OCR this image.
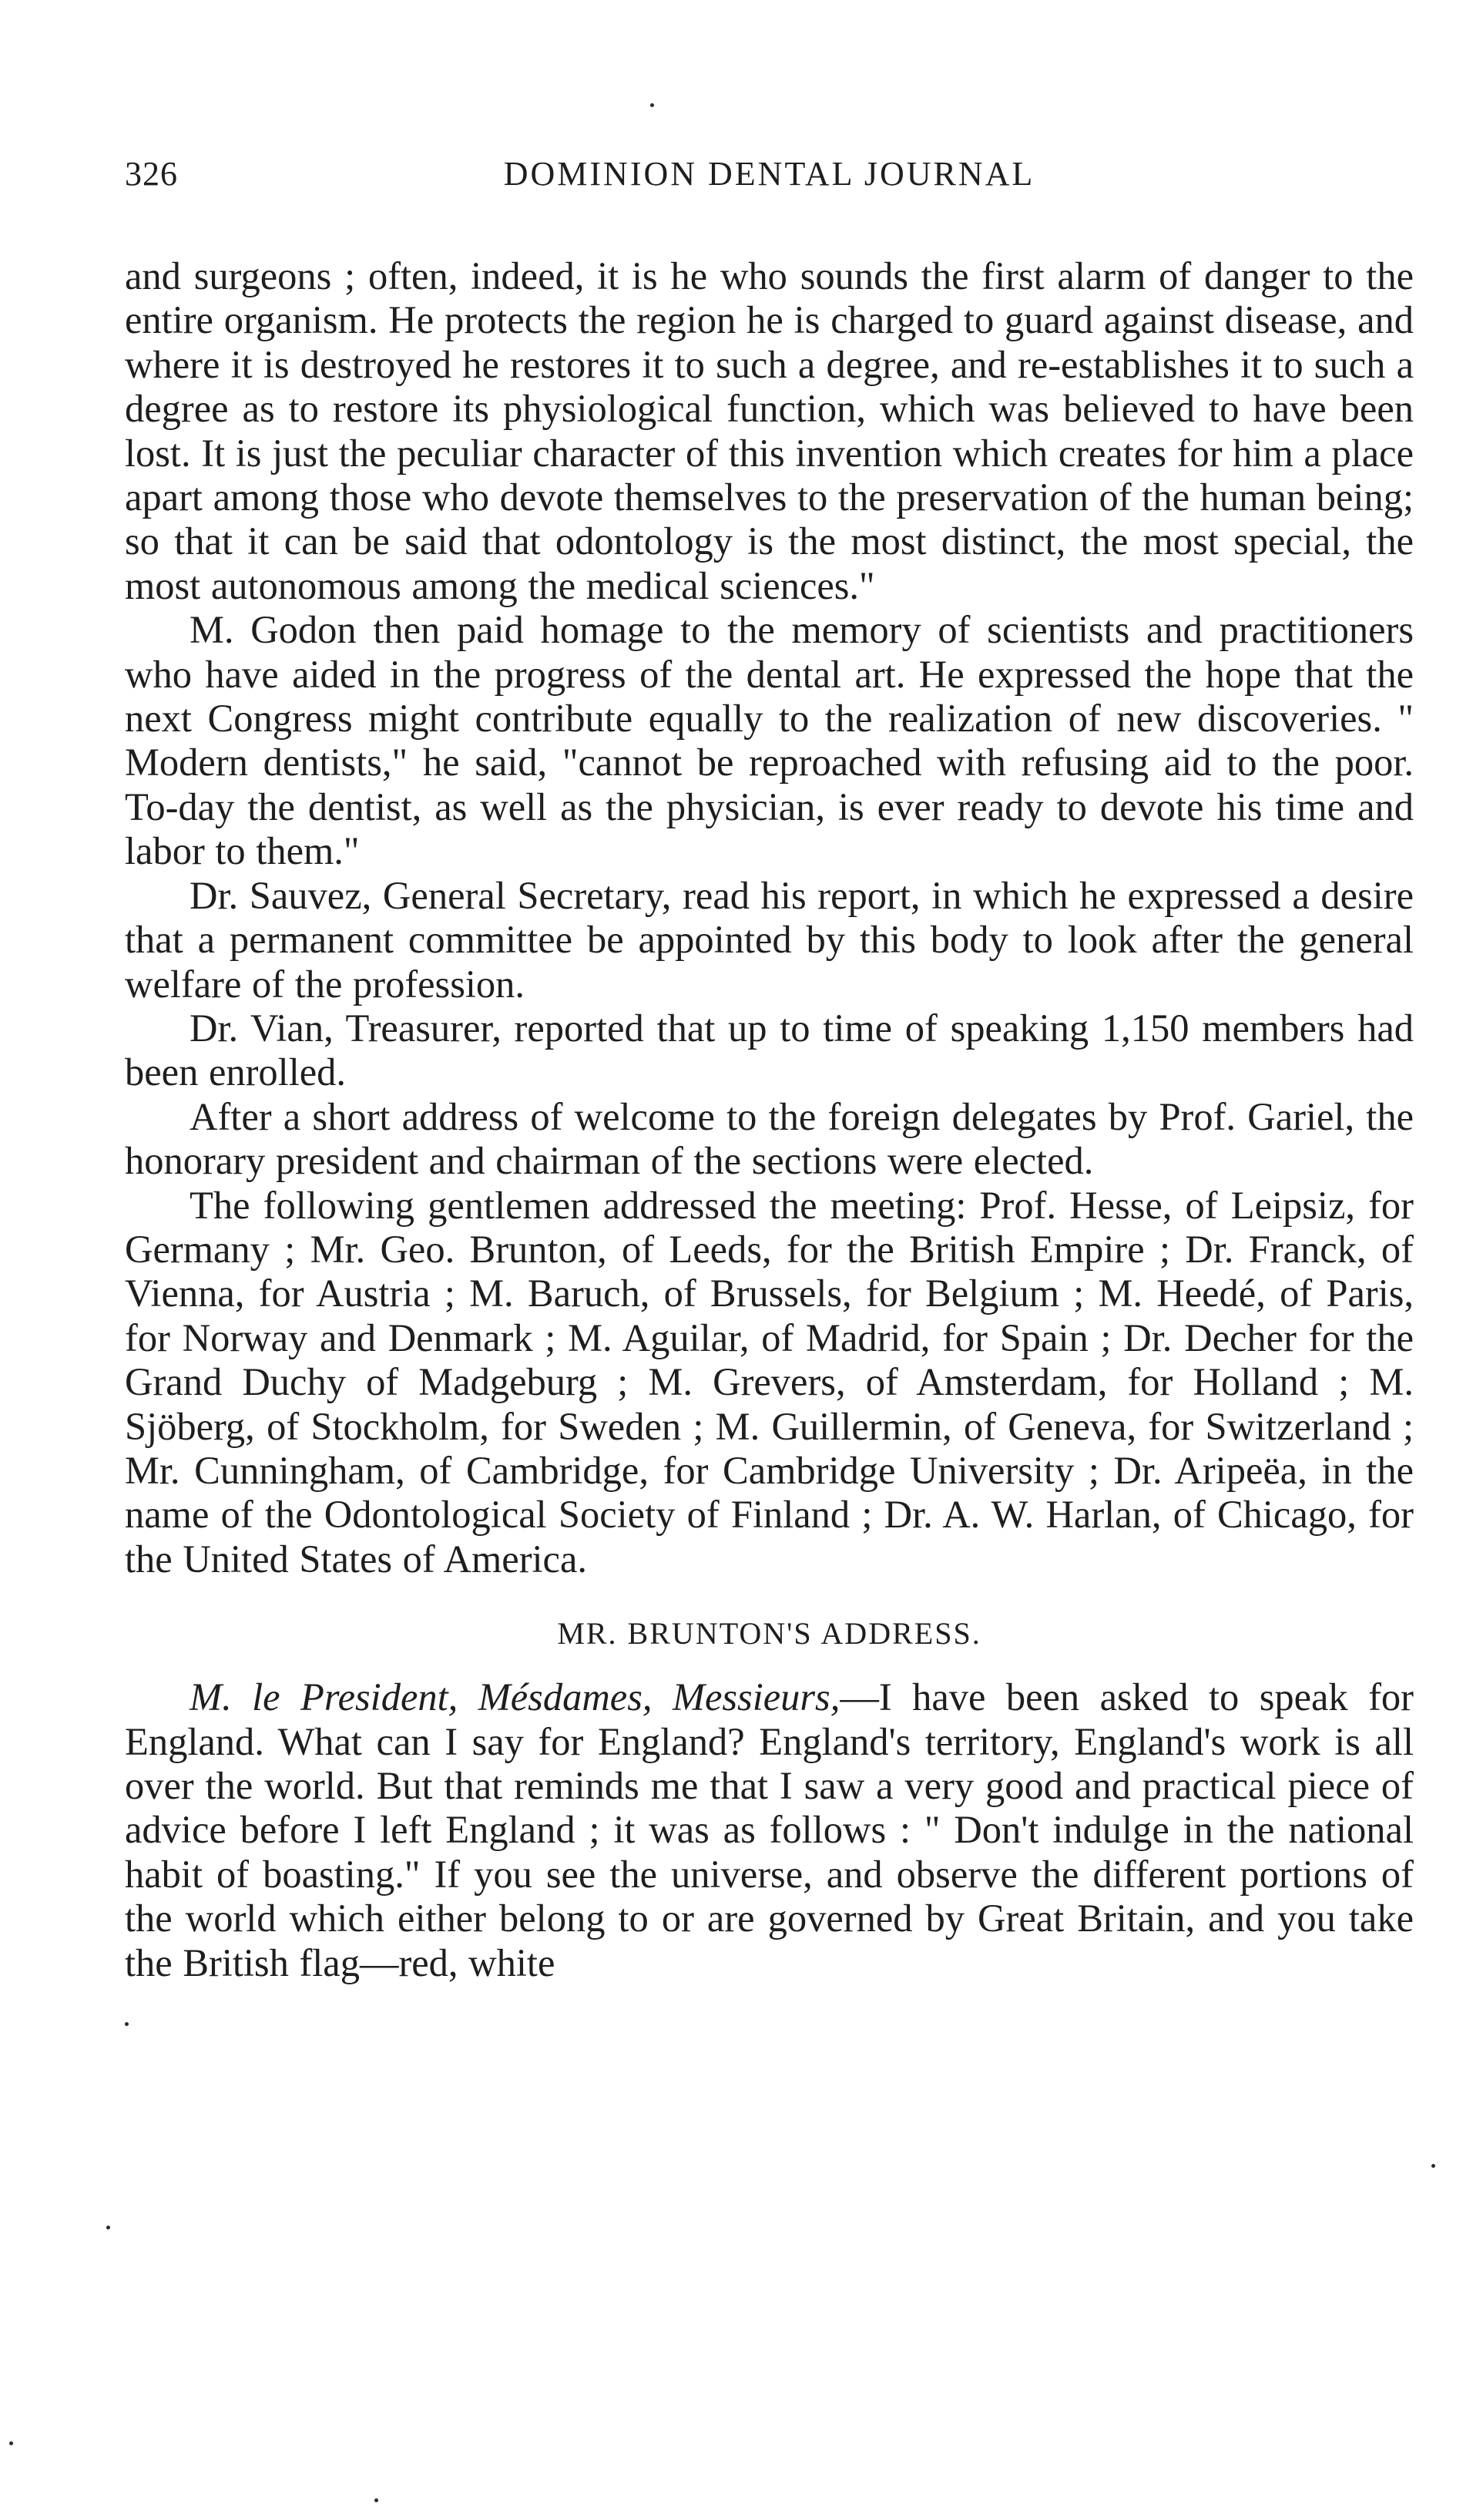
326	DOMINION DENTAL JOURNAL

and surgeons ; often, indeed, it is he who sounds the first alarm of danger to the entire organism. He protects the region he is charged to guard against disease, and where it is destroyed he restores it to such a degree, and re-establishes it to such a degree as to restore its physiological function, which was believed to have been lost. It is just the peculiar character of this invention which creates for him a place apart among those who devote themselves to the preservation of the human being; so that it can be said that odontology is the most distinct, the most special, the most autonomous among the medical sciences."

M. Godon then paid homage to the memory of scientists and practitioners who have aided in the progress of the dental art. He expressed the hope that the next Congress might contribute equally to the realization of new discoveries. " Modern dentists," he said, "cannot be reproached with refusing aid to the poor. To-day the dentist, as well as the physician, is ever ready to devote his time and labor to them."

Dr. Sauvez, General Secretary, read his report, in which he expressed a desire that a permanent committee be appointed by this body to look after the general welfare of the profession.

Dr. Vian, Treasurer, reported that up to time of speaking 1,150 members had been enrolled.

After a short address of welcome to the foreign delegates by Prof. Gariel, the honorary president and chairman of the sections were elected.

The following gentlemen addressed the meeting: Prof. Hesse, of Leipsiz, for Germany ; Mr. Geo. Brunton, of Leeds, for the British Empire ; Dr. Franck, of Vienna, for Austria ; M. Baruch, of Brussels, for Belgium ; M. Heedé, of Paris, for Norway and Denmark ; M. Aguilar, of Madrid, for Spain ; Dr. Decher for the Grand Duchy of Madgeburg ; M. Grevers, of Amsterdam, for Holland ; M. Sjöberg, of Stockholm, for Sweden ; M. Guillermin, of Geneva, for Switzerland ; Mr. Cunningham, of Cambridge, for Cambridge University ; Dr. Aripeëa, in the name of the Odontological Society of Finland ; Dr. A. W. Harlan, of Chicago, for the United States of America.

MR. BRUNTON'S ADDRESS.

M. le President, Mésdames, Messieurs,—I have been asked to speak for England. What can I say for England? England's territory, England's work is all over the world. But that reminds me that I saw a very good and practical piece of advice before I left England ; it was as follows : " Don't indulge in the national habit of boasting." If you see the universe, and observe the different portions of the world which either belong to or are governed by Great Britain, and you take the British flag—red, white
